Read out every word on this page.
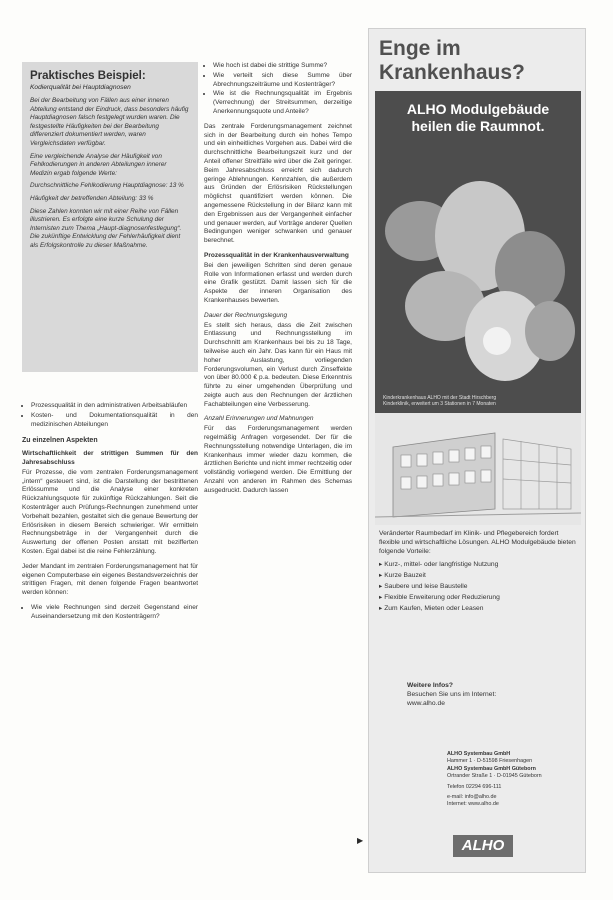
Praktisches Beispiel:
Kodierqualität bei Hauptdiagnosen

Bei der Bearbeitung von Fällen aus einer inneren Abteilung entstand der Eindruck, dass besonders häufig Hauptdiagnosen falsch festgelegt wurden waren. Die festgestellte Häufigkeiten bei der Bearbeitung differenziert dokumentiert werden, waren Vergleichsdaten verfügbar.

Eine vergleichende Analyse der Häufigkeit von Fehlkodierungen in anderen Abteilungen innerer Medizin ergab folgende Werte:

Durchschnittliche Fehlkodierung Hauptdiagnose: 13 %

Häufigkeit der betreffenden Abteilung: 33 %

Diese Zahlen konnten wir mit einer Reihe von Fällen illustrieren. Es erfolgte eine kurze Schulung der Internisten zum Thema „Haupt-diagnosenfestlegung“. Die zukünftige Entwicklung der Fehlerhäufigkeit dient als Erfolgskontrolle zu dieser Maßnahme.

• Prozessqualität in den administrativen Arbeitsabläufen
• Kosten- und Dokumentationsqualität in den medizinischen Abteilungen
Zu einzelnen Aspekten
Wirtschaftlichkeit der strittigen Summen für den Jahresabschluss

Für Prozesse, die vom zentralen Forderungsmanagement „intern“ gesteuert sind, ist die Darstellung der bestrittenen Erlössumme und die Analyse einer konkreten Rückzahlungsquote für zukünftige Rückzahlungen. Seit die Kostenträger auch Prüfungs-Rechnungen zunehmend unter Vorbehalt bezahlen, gestaltet sich die genaue Bewertung der Erlösrisiken in diesem Bereich schwieriger. Wir ermitteln Rechnungsbeträge in der Vergangenheit durch die Auswertung der offenen Posten anstatt mit bezifferten Kosten. Egal dabei ist die reine Fehlerzählung.

Jeder Mandant im zentralen Forderungsmanagement hat für eigenen Computerbase ein eigenes Bestandsverzeichnis der strittigen Fragen, mit denen folgende Fragen beantwortet werden können:

• Wie viele Rechnungen sind derzeit Gegenstand einer Auseinandersetzung mit den Kostenträgern?
• Wie hoch ist dabei die strittige Summe?
• Wie verteilt sich diese Summe über Abrechnungszeiträume und Kostenträger?
• Wie ist die Rechnungsqualität im Ergebnis (Verrechnung) der Streitsummen, derzeitige Anerkennungsquote und Anteile?

Das zentrale Forderungsmanagement zeichnet sich in der Bearbeitung durch ein hohes Tempo und ein einheitliches Vorgehen aus. Dabei wird die durchschnittliche Bearbeitungszeit kurz und der Anteil offener Streitfälle wird über die Zeit geringer. Beim Jahresabschluss erreicht sich dadurch geringe Ablehnungen. Kennzahlen, die außerdem aus Gründen der Erlösrisiken Rückstellungen möglichst quantifiziert werden können. Die angemessene Rückstellung in der Bilanz kann mit den Ergebnissen aus der Vergangenheit einfacher und genauer werden, auf Vorträge anderer Quellen Bedingungen weniger schwanken und genauer berechnet.

Prozessqualität in der Krankenhausverwaltung

Bei den jeweiligen Schritten sind deren genaue Rolle von Informationen erfasst und werden durch eine Grafik gestützt. Damit lassen sich für die Aspekte der inneren Organisation des Krankenhauses bewerten.

Dauer der Rechnungslegung

Es stellt sich heraus, dass die Zeit zwischen Entlassung und Rechnungsstellung im Durchschnitt am Krankenhaus bei bis zu 18 Tage, teilweise auch ein Jahr. Das kann für ein Haus mit hoher Auslastung, vorliegenden Forderungsvolumen, ein Verlust durch Zinseffekte von über 80.000 € p.a. bedeuten. Diese Erkenntnis führte zu einer umgehenden Überprüfung und zeigte auch aus den Rechnungen der ärztlichen Fachabteilungen eine Verbesserung.

Anzahl Erinnerungen und Mahnungen

Für das Forderungsmanagement werden regelmäßig Anfragen vorgesendet. Der für die Rechnungsstellung notwendige Unterlagen, die im Krankenhaus immer wieder dazu kommen, die ärztlichen Berichte und nicht immer rechtzeitig oder vollständig vorliegend werden. Die Ermittlung der Anzahl von anderen im Rahmen des Schemas ausgedruckt. Dadurch lassen

▶
Enge im
Krankenhaus?
ALHO Modulgebäude
heilen die Raumnot.
Kinderkrankenhaus ALHO mit der Stadt Hirschberg
Kinderklinik, erweitert um 3 Stationen in 7 Monaten

Veränderter Raumbedarf im Klinik- und Pflegebereich fordert flexible und wirtschaftliche Lösungen. ALHO Modulgebäude bieten folgende Vorteile:

▸ Kurz-, mittel- oder langfristige Nutzung
▸ Kurze Bauzeit
▸ Saubere und leise Baustelle
▸ Flexible Erweiterung oder Reduzierung
▸ Zum Kaufen, Mieten oder Leasen
Weitere Infos?
Besuchen Sie uns im Internet:
www.alho.de
ALHO Systembau GmbH
Hammer 1 · D-51598 Friesenhagen
ALHO Systembau GmbH Güteborn
Ortrander Straße 1 · D-01945 Güteborn
Telefon 02294 696-111
e-mail: info@alho.de
Internet: www.alho.de
ALHO
